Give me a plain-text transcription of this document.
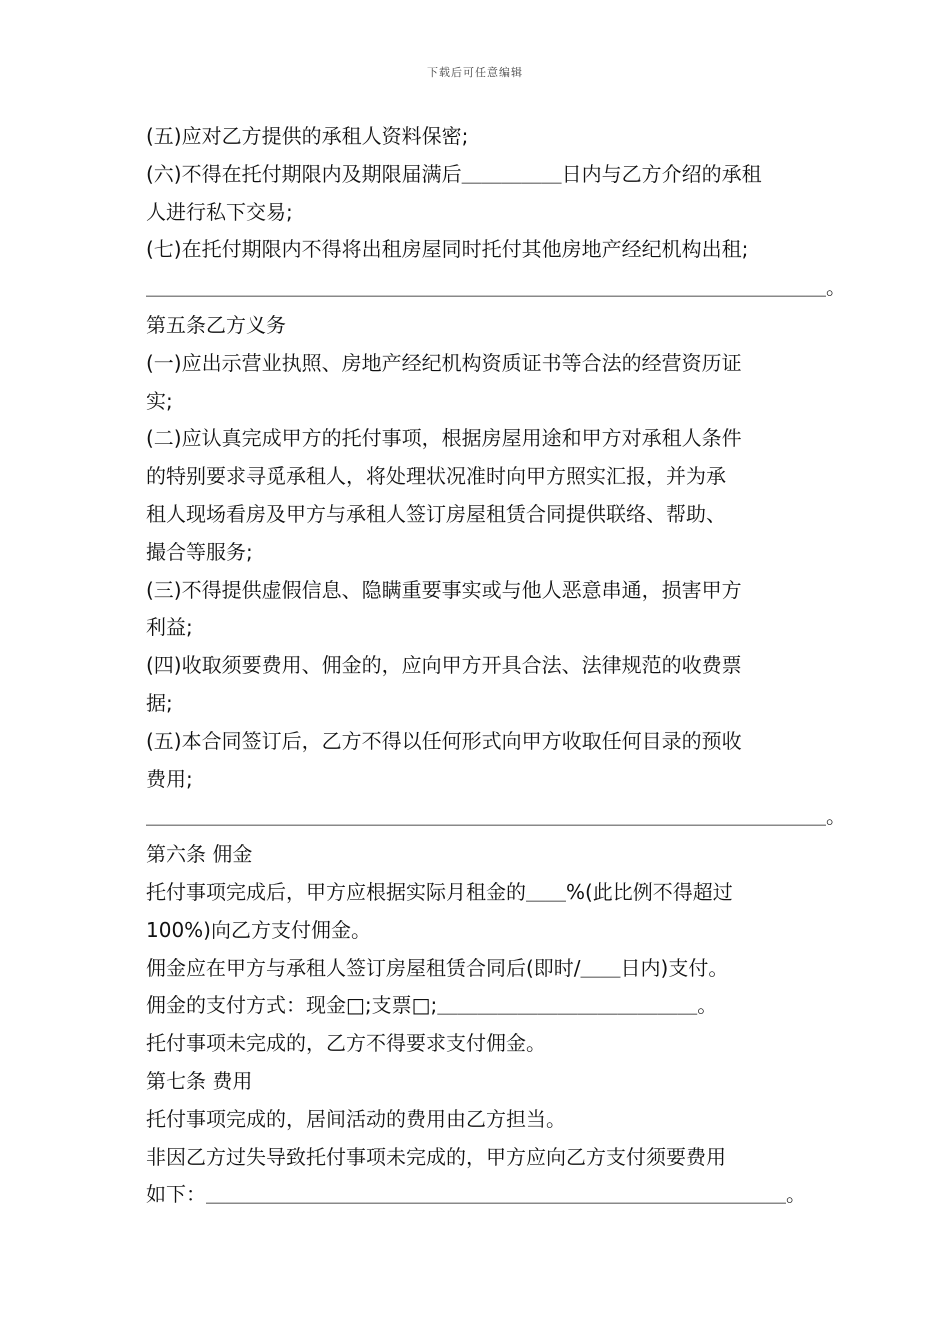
下载后可任意编辑
(五)应对乙方提供的承租人资料保密;
(六)不得在托付期限内及期限届满后＿＿＿＿＿日内与乙方介绍的承租
人进行私下交易;
(七)在托付期限内不得将出租房屋同时托付其他房地产经纪机构出租;
＿＿＿＿＿＿＿＿＿＿＿＿＿＿＿＿＿＿＿＿＿＿＿＿＿＿＿＿＿＿＿＿＿＿。
第五条乙方义务
(一)应出示营业执照、房地产经纪机构资质证书等合法的经营资历证
实;
(二)应认真完成甲方的托付事项，根据房屋用途和甲方对承租人条件
的特别要求寻觅承租人，将处理状况准时向甲方照实汇报，并为承
租人现场看房及甲方与承租人签订房屋租赁合同提供联络、帮助、
撮合等服务;
(三)不得提供虚假信息、隐瞒重要事实或与他人恶意串通，损害甲方
利益;
(四)收取须要费用、佣金的，应向甲方开具合法、法律规范的收费票
据;
(五)本合同签订后，乙方不得以任何形式向甲方收取任何目录的预收
费用;
＿＿＿＿＿＿＿＿＿＿＿＿＿＿＿＿＿＿＿＿＿＿＿＿＿＿＿＿＿＿＿＿＿＿。
第六条 佣金
托付事项完成后，甲方应根据实际月租金的＿＿%(此比例不得超过
100%)向乙方支付佣金。
佣金应在甲方与承租人签订房屋租赁合同后(即时/＿＿日内)支付。
佣金的支付方式：现金□;支票□;＿＿＿＿＿＿＿＿＿＿＿＿＿。
托付事项未完成的，乙方不得要求支付佣金。
第七条 费用
托付事项完成的，居间活动的费用由乙方担当。
非因乙方过失导致托付事项未完成的，甲方应向乙方支付须要费用
如下：＿＿＿＿＿＿＿＿＿＿＿＿＿＿＿＿＿＿＿＿＿＿＿＿＿＿＿＿＿。
